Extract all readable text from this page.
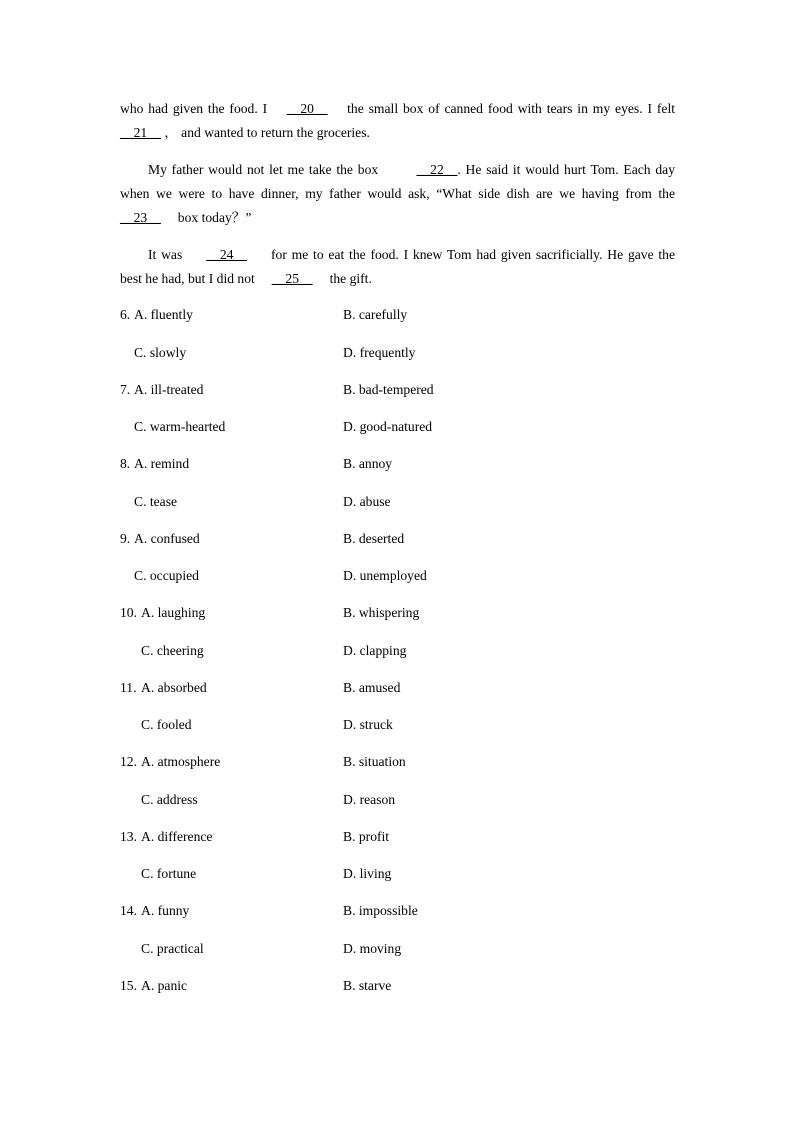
who had given the food. I __20__ the small box of canned food with tears in my eyes. I felt
__21__ ， and wanted to return the groceries.
My father would not let me take the box	__22__. He said it would hurt Tom. Each day
when we were to have dinner, my father would ask, “What side dish are we having from the
__23__ box today？”
It was __24__ for me to eat the food. I knew Tom had given sacrificially. He gave the
best he had, but I did not __25__ the gift.
6. A. fluently	B. carefully
C. slowly	D. frequently
7. A. ill-treated	B. bad-tempered
C. warm-hearted	D. good-natured
8. A. remind	B. annoy
C. tease	D. abuse
9. A. confused	B. deserted
C. occupied	D. unemployed
10. A. laughing	B. whispering
C. cheering	D. clapping
11. A. absorbed	B. amused
C. fooled	D. struck
12. A. atmosphere	B. situation
C. address	D. reason
13. A. difference	B. profit
C. fortune	D. living
14. A. funny	B. impossible
C. practical	D. moving
15. A. panic	B. starve
